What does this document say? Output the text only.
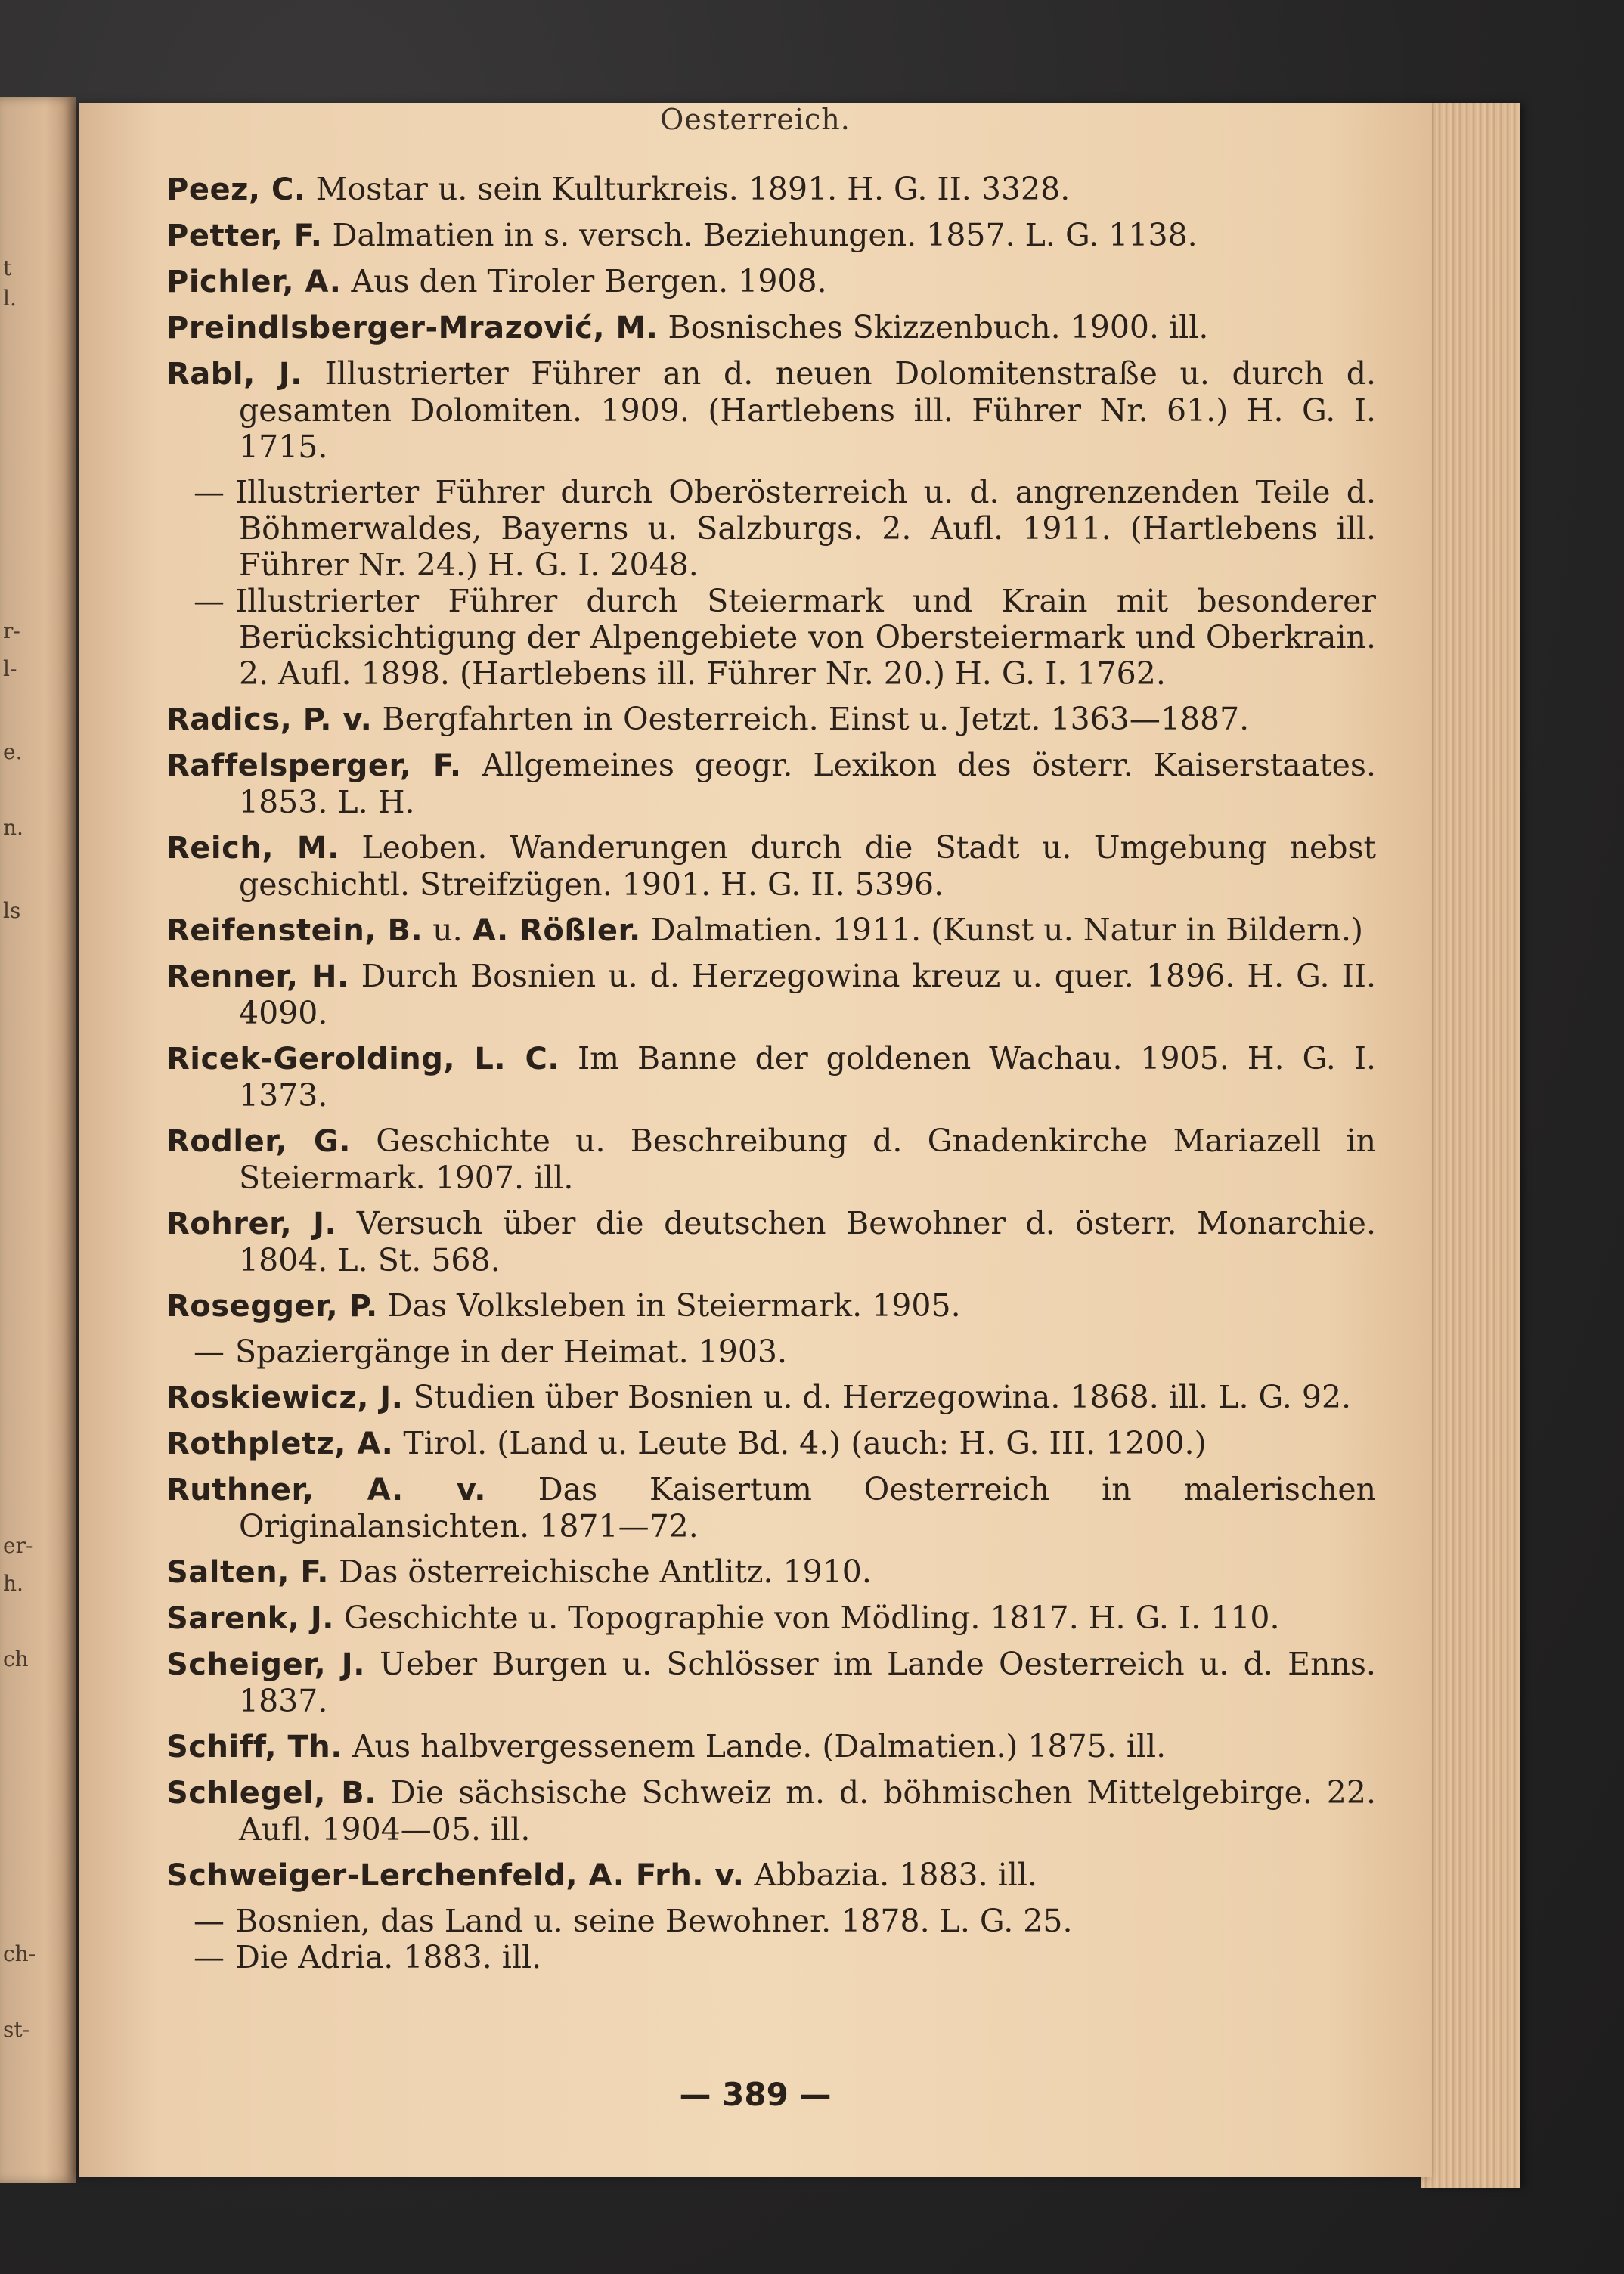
t
l.
r-
l-
e.
n.
ls
er-
h.
ch
ch-
st-
Oesterreich.
Peez, C. Mostar u. sein Kulturkreis. 1891. H. G. II. 3328.
Petter, F. Dalmatien in s. versch. Beziehungen. 1857. L. G. 1138.
Pichler, A. Aus den Tiroler Bergen. 1908.
Preindlsberger-Mrazović, M. Bosnisches Skizzenbuch. 1900. ill.
Rabl, J. Illustrierter Führer an d. neuen Dolomitenstraße u. durch d. gesamten Dolomiten. 1909. (Hartlebens ill. Führer Nr. 61.) H. G. I. 1715.
— Illustrierter Führer durch Oberösterreich u. d. angrenzenden Teile d. Böhmerwaldes, Bayerns u. Salzburgs. 2. Aufl. 1911. (Hartlebens ill. Führer Nr. 24.) H. G. I. 2048.
— Illustrierter Führer durch Steiermark und Krain mit besonderer Berücksichtigung der Alpengebiete von Obersteiermark und Oberkrain. 2. Aufl. 1898. (Hartlebens ill. Führer Nr. 20.) H. G. I. 1762.
Radics, P. v. Bergfahrten in Oesterreich. Einst u. Jetzt. 1363—1887.
Raffelsperger, F. Allgemeines geogr. Lexikon des österr. Kaiserstaates. 1853. L. H.
Reich, M. Leoben. Wanderungen durch die Stadt u. Umgebung nebst geschichtl. Streifzügen. 1901. H. G. II. 5396.
Reifenstein, B. u. A. Rößler. Dalmatien. 1911. (Kunst u. Natur in Bildern.)
Renner, H. Durch Bosnien u. d. Herzegowina kreuz u. quer. 1896. H. G. II. 4090.
Ricek-Gerolding, L. C. Im Banne der goldenen Wachau. 1905. H. G. I. 1373.
Rodler, G. Geschichte u. Beschreibung d. Gnadenkirche Mariazell in Steiermark. 1907. ill.
Rohrer, J. Versuch über die deutschen Bewohner d. österr. Monarchie. 1804. L. St. 568.
Rosegger, P. Das Volksleben in Steiermark. 1905.
— Spaziergänge in der Heimat. 1903.
Roskiewicz, J. Studien über Bosnien u. d. Herzegowina. 1868. ill. L. G. 92.
Rothpletz, A. Tirol. (Land u. Leute Bd. 4.) (auch: H. G. III. 1200.)
Ruthner, A. v. Das Kaisertum Oesterreich in malerischen Originalansichten. 1871—72.
Salten, F. Das österreichische Antlitz. 1910.
Sarenk, J. Geschichte u. Topographie von Mödling. 1817. H. G. I. 110.
Scheiger, J. Ueber Burgen u. Schlösser im Lande Oesterreich u. d. Enns. 1837.
Schiff, Th. Aus halbvergessenem Lande. (Dalmatien.) 1875. ill.
Schlegel, B. Die sächsische Schweiz m. d. böhmischen Mittelgebirge. 22. Aufl. 1904—05. ill.
Schweiger-Lerchenfeld, A. Frh. v. Abbazia. 1883. ill.
— Bosnien, das Land u. seine Bewohner. 1878. L. G. 25.
— Die Adria. 1883. ill.
— 389 —
